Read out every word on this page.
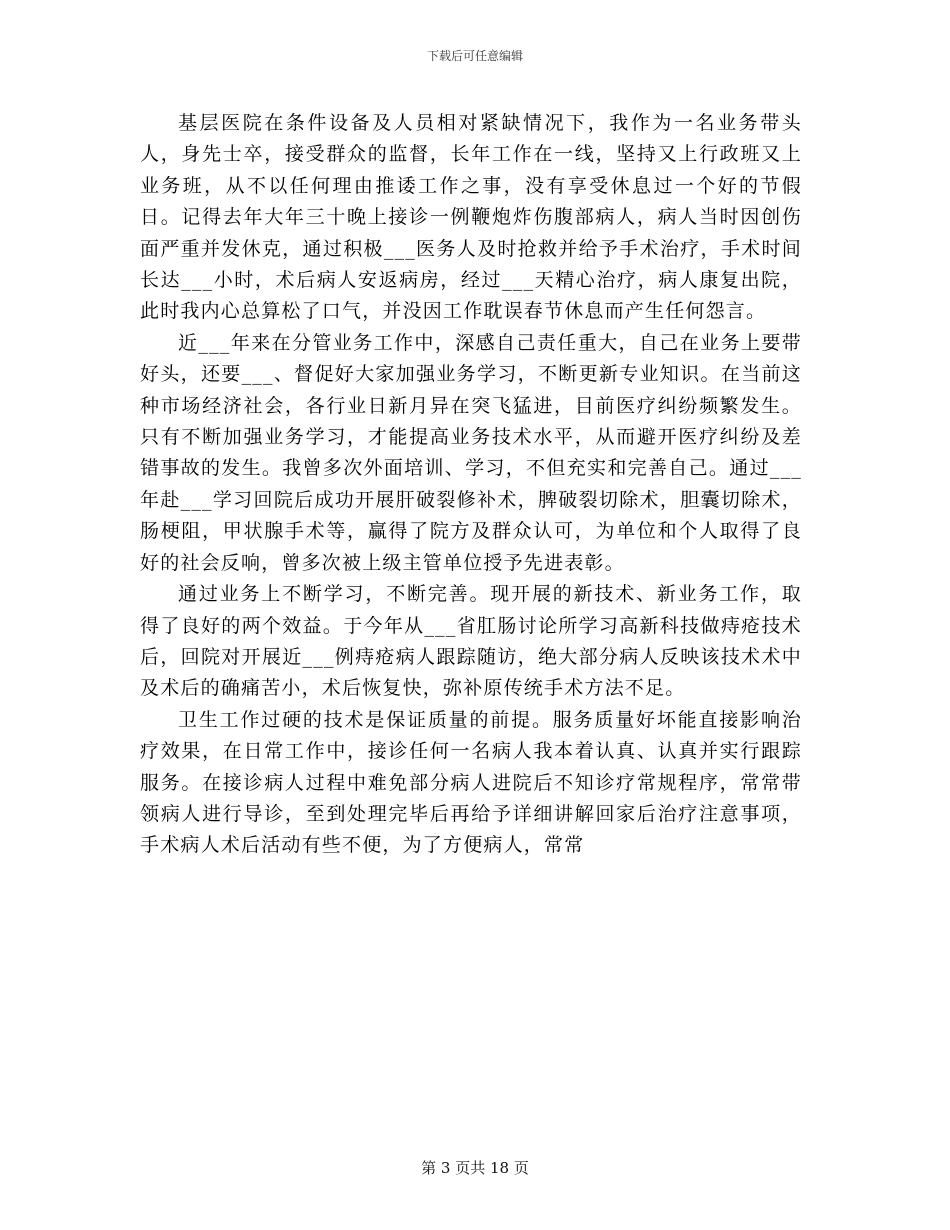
下载后可任意编辑

基层医院在条件设备及人员相对紧缺情况下，我作为一名业务带头人，身先士卒，接受群众的监督，长年工作在一线，坚持又上行政班又上业务班，从不以任何理由推诿工作之事，没有享受休息过一个好的节假日。记得去年大年三十晚上接诊一例鞭炮炸伤腹部病人，病人当时因创伤面严重并发休克，通过积极___医务人及时抢救并给予手术治疗，手术时间长达___小时，术后病人安返病房，经过___天精心治疗，病人康复出院，此时我内心总算松了口气，并没因工作耽误春节休息而产生任何怨言。

近___年来在分管业务工作中，深感自己责任重大，自己在业务上要带好头，还要___、督促好大家加强业务学习，不断更新专业知识。在当前这种市场经济社会，各行业日新月异在突飞猛进，目前医疗纠纷频繁发生。只有不断加强业务学习，才能提高业务技术水平，从而避开医疗纠纷及差错事故的发生。我曾多次外面培训、学习，不但充实和完善自己。通过___年赴___学习回院后成功开展肝破裂修补术，脾破裂切除术，胆囊切除术，肠梗阻，甲状腺手术等，赢得了院方及群众认可，为单位和个人取得了良好的社会反响，曾多次被上级主管单位授予先进表彰。

通过业务上不断学习，不断完善。现开展的新技术、新业务工作，取得了良好的两个效益。于今年从___省肛肠讨论所学习高新科技做痔疮技术后，回院对开展近___例痔疮病人跟踪随访，绝大部分病人反映该技术术中及术后的确痛苦小，术后恢复快，弥补原传统手术方法不足。

卫生工作过硬的技术是保证质量的前提。服务质量好坏能直接影响治疗效果，在日常工作中，接诊任何一名病人我本着认真、认真并实行跟踪服务。在接诊病人过程中难免部分病人进院后不知诊疗常规程序，常常带领病人进行导诊，至到处理完毕后再给予详细讲解回家后治疗注意事项，手术病人术后活动有些不便，为了方便病人，常常

第 3 页共 18 页
